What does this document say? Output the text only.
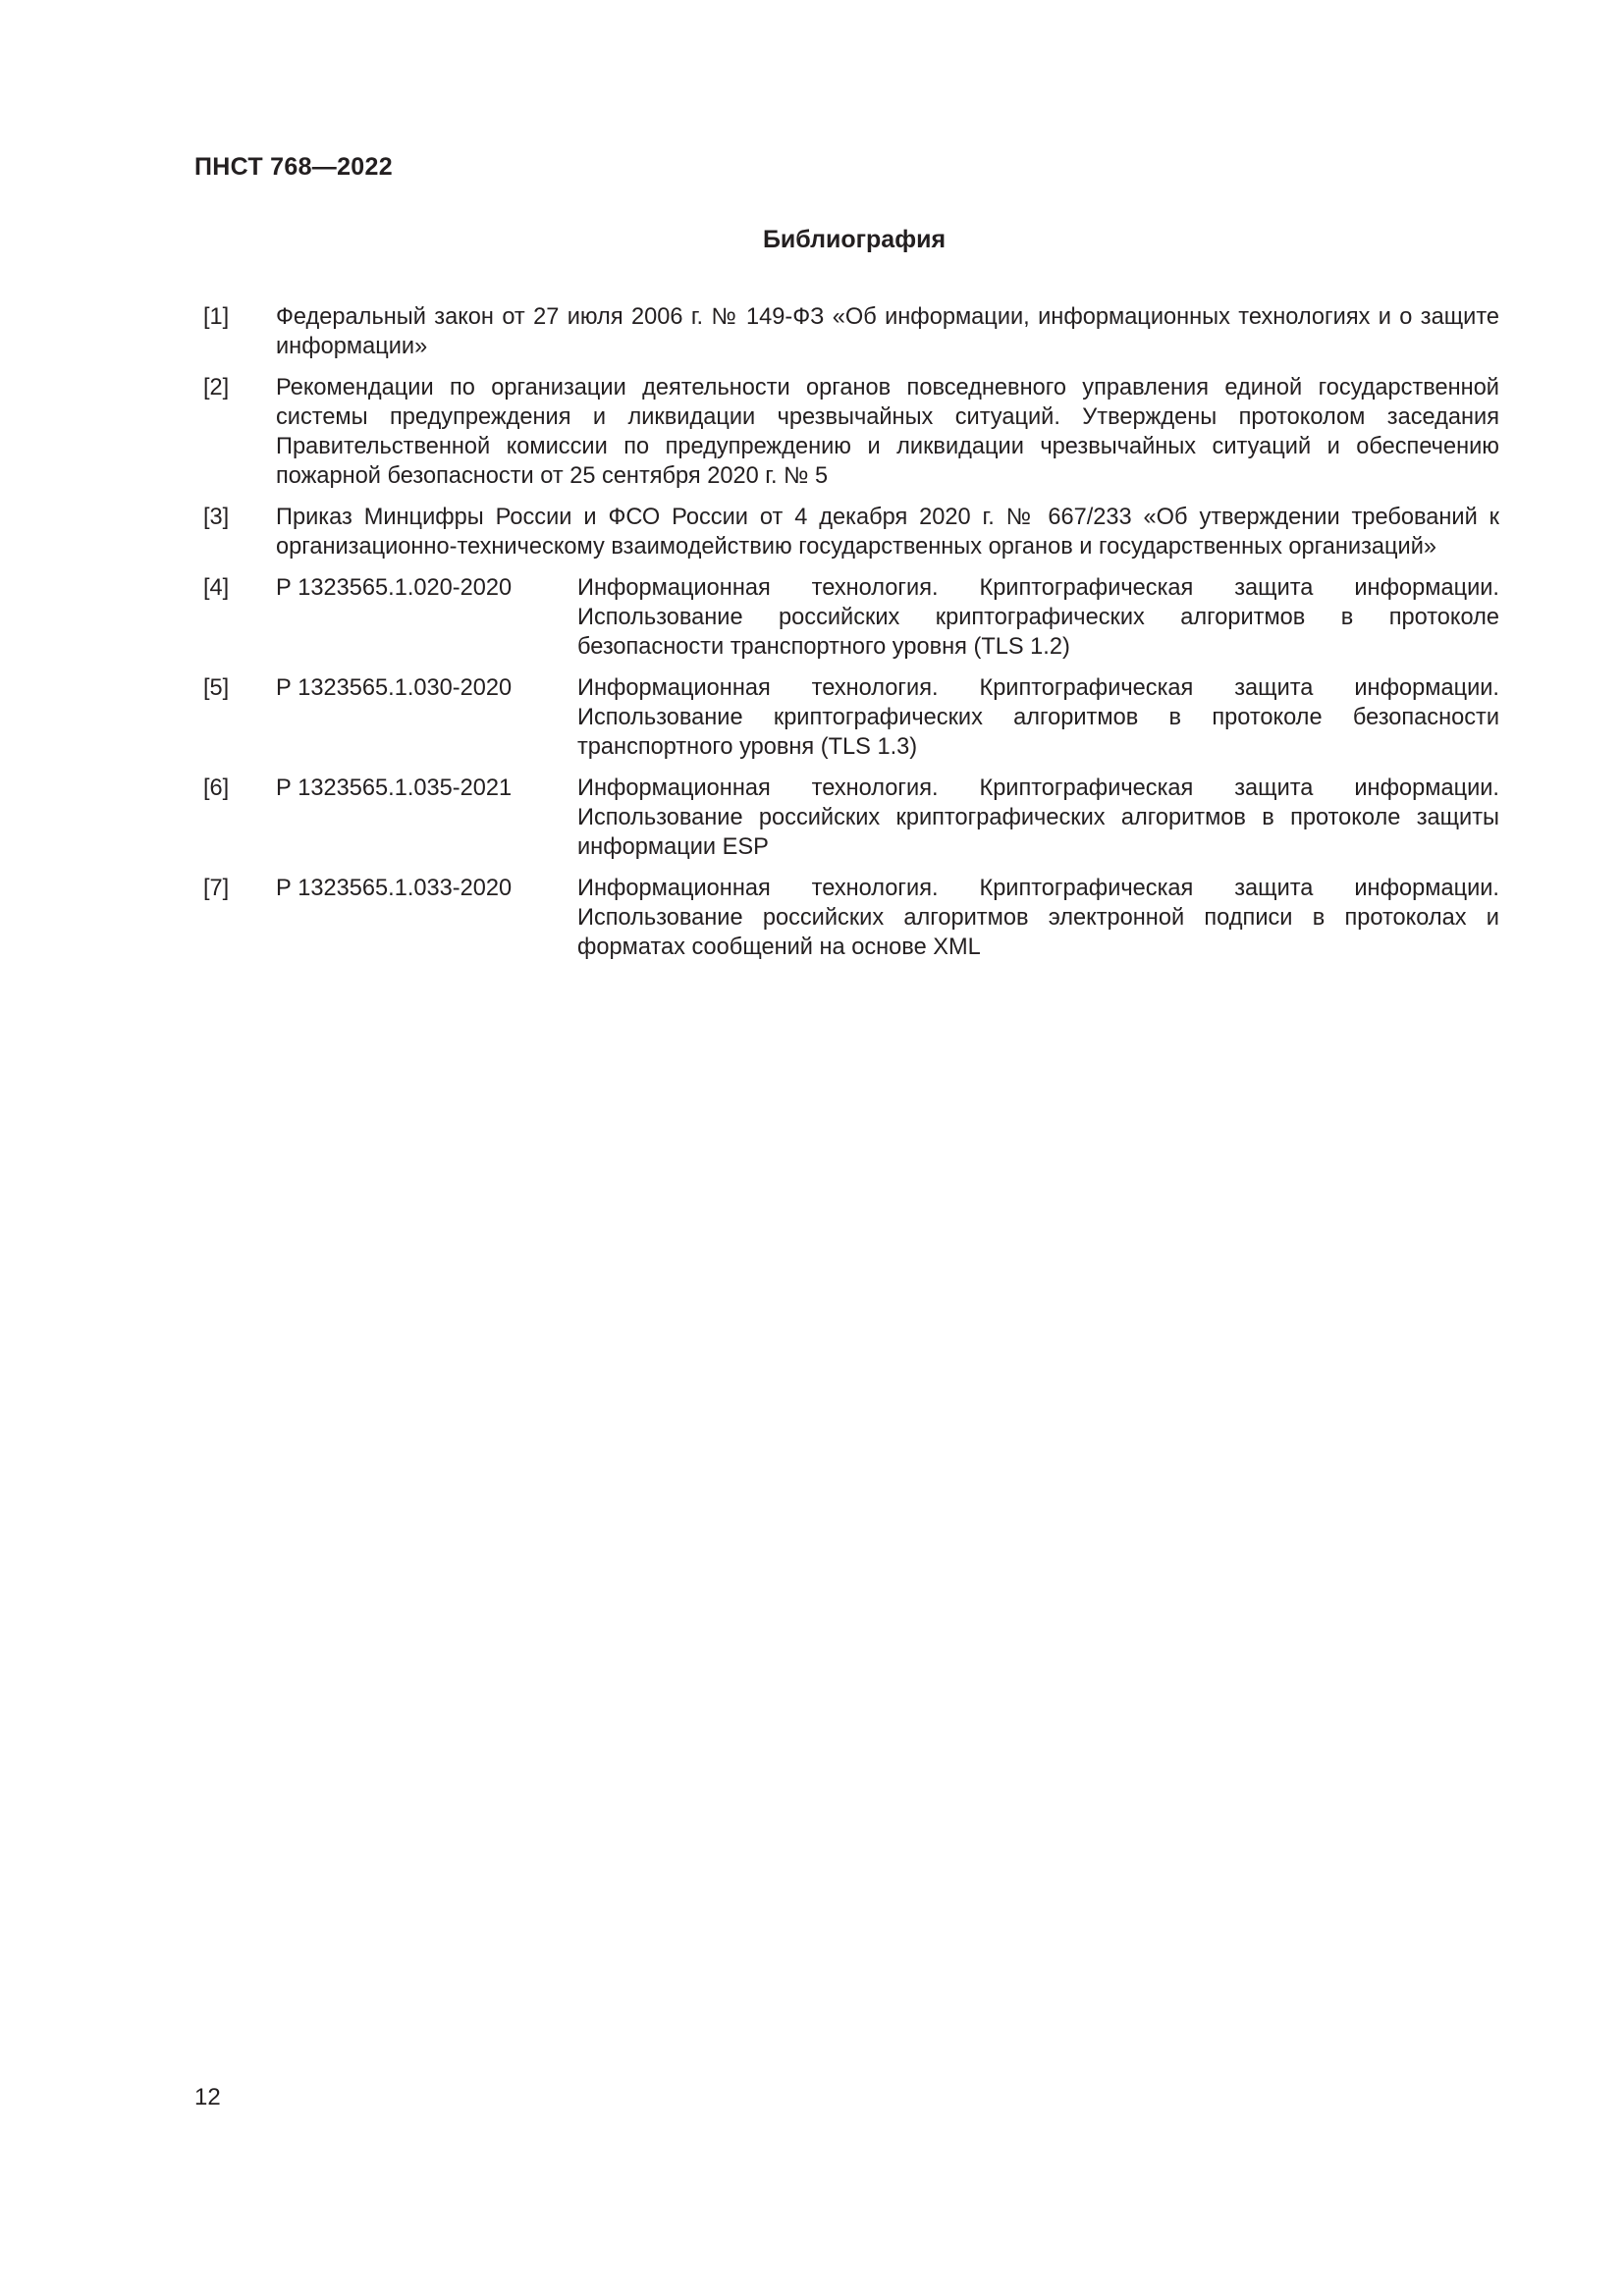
ПНСТ 768—2022
Библиография
[1] Федеральный закон от 27 июля 2006 г. № 149-ФЗ «Об информации, информационных технологиях и о защите информации»
[2] Рекомендации по организации деятельности органов повседневного управления единой государственной системы предупреждения и ликвидации чрезвычайных ситуаций. Утверждены протоколом заседания Правительственной комиссии по предупреждению и ликвидации чрезвычайных ситуаций и обеспечению пожарной безопасности от 25 сентября 2020 г. № 5
[3] Приказ Минцифры России и ФСО России от 4 декабря 2020 г. № 667/233 «Об утверждении требований к организационно-техническому взаимодействию государственных органов и государственных организаций»
[4] Р 1323565.1.020-2020	Информационная технология. Криптографическая защита информации. Использование российских криптографических алгоритмов в протоколе безопасности транспортного уровня (TLS 1.2)
[5] Р 1323565.1.030-2020	Информационная технология. Криптографическая защита информации. Использование криптографических алгоритмов в протоколе безопасности транспортного уровня (TLS 1.3)
[6] Р 1323565.1.035-2021	Информационная технология. Криптографическая защита информации. Использование российских криптографических алгоритмов в протоколе защиты информации ESP
[7] Р 1323565.1.033-2020	Информационная технология. Криптографическая защита информации. Использование российских алгоритмов электронной подписи в протоколах и форматах сообщений на основе XML
12
